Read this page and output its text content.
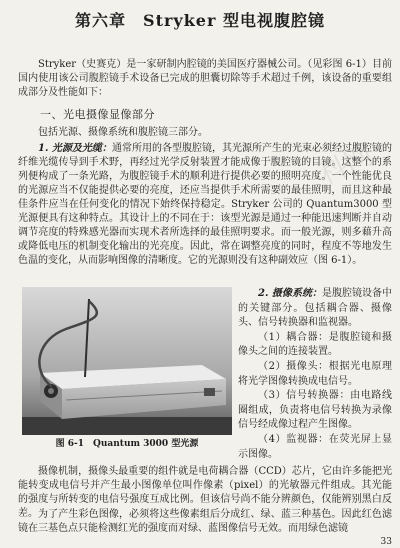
科网
第六章　Stryker 型电视腹腔镜

Stryker（史赛克）是一家研制内腔镜的美国医疗器械公司。（见彩图 6-1）目前国内使用该公司腹腔镜手术设备已完成的胆囊切除等手术超过千例，该设备的重要组成部分及性能如下：

一、光电摄像显像部分

包括光源、摄像系统和腹腔镜三部分。

1. 光源及光缆：通常所用的各型腹腔镜，其光源所产生的光束必须经过腹腔镜的纤维光缆传导到手术野，再经过光学反射装置才能成像于腹腔镜的目镜。这整个的系列便构成了一条光路，为腹腔镜手术的顺利进行提供必要的照明亮度。一个性能优良的光源应当不仅能提供必要的亮度，还应当提供手术所需要的最佳照明，而且这种最佳条件应当在任何变化的情况下始终保持稳定。Stryker 公司的 Quantum3000 型光源便具有这种特点。其设计上的不同在于：该型光源是通过一种能迅速判断并自动调节亮度的特殊感光器而实现术者所选择的最佳照明要求。而一般光源，则多藉升高或降低电压的机制变化输出的光亮度。因此，常在调整亮度的同时，程度不等地发生色温的变化，从而影响图像的清晰度。它的光源则没有这种副效应（图 6-1）。

图 6-1　Quantum 3000 型光源

2. 摄像系统：是腹腔镜设备中的关键部分。包括耦合器、摄像头、信号转换器和监视器。

（1）耦合器：是腹腔镜和摄像头之间的连接装置。

（2）摄像头：根据光电原理将光学图像转换成电信号。

（3）信号转换器：由电路线圈组成，负责将电信号转换为录像信号经成像过程产生图像。

（4）监视器：在荧光屏上显示图像。

摄像机制，摄像头最重要的组件就是电荷耦合器（CCD）芯片，它由许多能把光能转变成电信号并产生最小图像单位叫作像素（pixel）的光敏器元件组成。其光能的强度与所转变的电信号强度互成比例。但该信号尚不能分辨颜色，仅能辨别黑白反差。 为了产生彩色图像，必须将这些像素组后分成红、绿、蓝三种基色。因此红色滤镜在三基色点只能检测红光的强度而对绿、蓝图像信号无效。而用绿色滤镜

33
